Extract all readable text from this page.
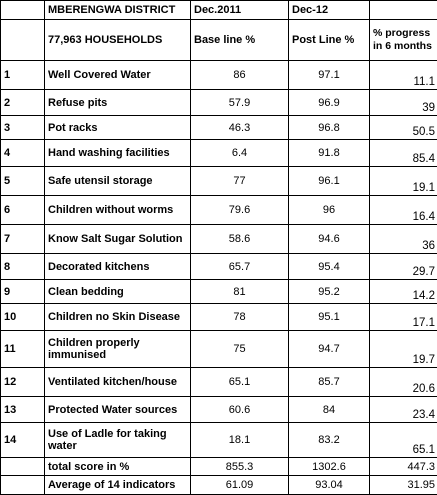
	MBERENGWA DISTRICT	Dec.2011	Dec-12	
	77,963 HOUSEHOLDS	Base line %	Post Line %	% progress in 6 months
1	Well Covered Water	86	97.1	11.1
2	Refuse pits	57.9	96.9	39
3	Pot racks	46.3	96.8	50.5
4	Hand washing facilities	6.4	91.8	85.4
5	Safe utensil storage	77	96.1	19.1
6	Children without worms	79.6	96	16.4
7	Know Salt Sugar Solution	58.6	94.6	36
8	Decorated kitchens	65.7	95.4	29.7
9	Clean bedding	81	95.2	14.2
10	Children no Skin Disease	78	95.1	17.1
11	Children properly immunised	75	94.7	19.7
12	Ventilated kitchen/house	65.1	85.7	20.6
13	Protected Water sources	60.6	84	23.4
14	Use of Ladle for taking water	18.1	83.2	65.1
	total score in %	855.3	1302.6	447.3
	Average of 14 indicators	61.09	93.04	31.95
